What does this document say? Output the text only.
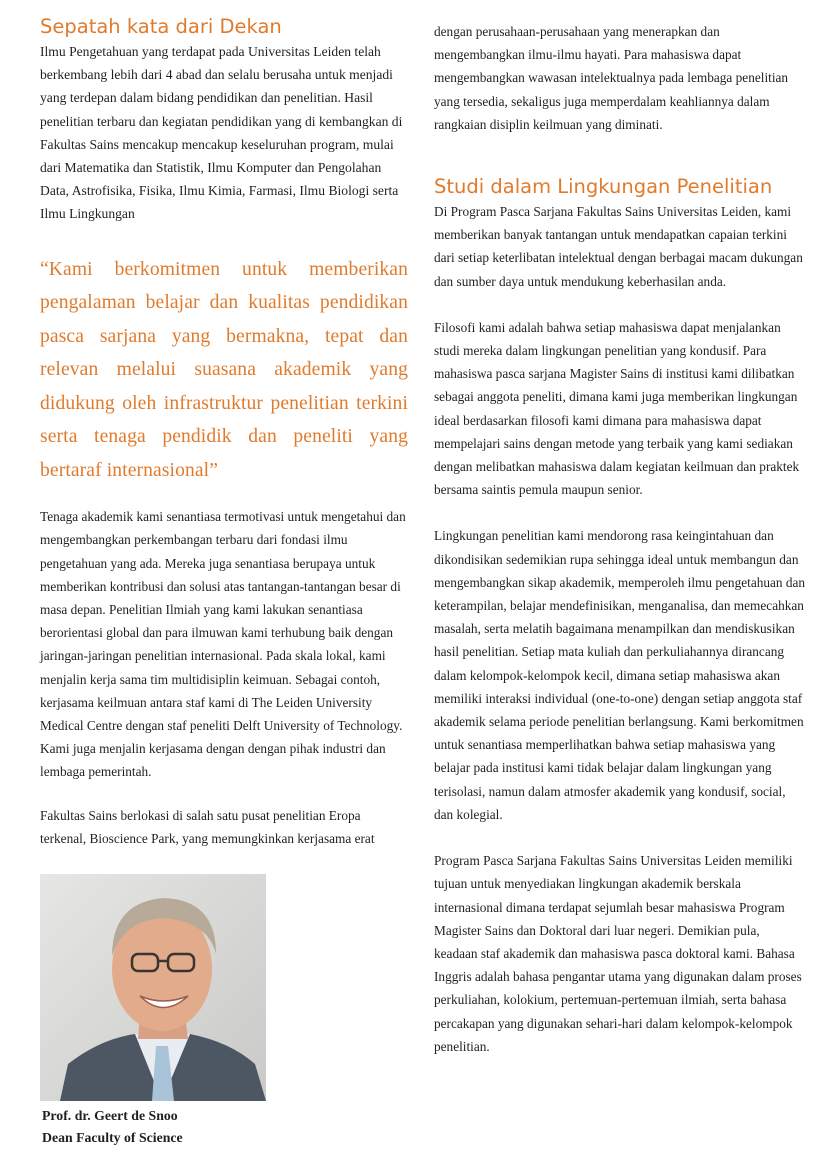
Sepatah kata dari Dekan

Ilmu Pengetahuan yang terdapat pada Universitas Leiden telah berkembang lebih dari 4 abad dan selalu berusaha untuk menjadi yang terdepan dalam bidang pendidikan dan penelitian. Hasil penelitian terbaru dan kegiatan pendidikan yang di kembangkan di Fakultas Sains mencakup mencakup keseluruhan program, mulai dari Matematika dan Statistik, Ilmu Komputer dan Pengolahan Data, Astrofisika, Fisika, Ilmu Kimia, Farmasi, Ilmu Biologi serta Ilmu Lingkungan

“Kami berkomitmen untuk memberikan pengalaman belajar dan kualitas pendidikan pasca sarjana yang bermakna, tepat dan relevan melalui suasana akademik yang didukung oleh infrastruktur penelitian terkini serta tenaga pendidik dan peneliti yang bertaraf internasional”

Tenaga akademik kami senantiasa termotivasi untuk mengetahui dan mengembangkan perkembangan terbaru dari fondasi ilmu pengetahuan yang ada. Mereka juga senantiasa berupaya untuk memberikan kontribusi dan solusi atas tantangan-tantangan besar di masa depan. Penelitian Ilmiah yang kami lakukan senantiasa berorientasi global dan para ilmuwan kami terhubung baik dengan jaringan-jaringan penelitian internasional. Pada skala lokal, kami menjalin kerja sama tim multidisiplin keimuan. Sebagai contoh, kerjasama keilmuan antara staf kami di The Leiden University Medical Centre dengan staf peneliti Delft University of Technology. Kami juga menjalin kerjasama dengan dengan pihak industri dan lembaga pemerintah.

Fakultas Sains berlokasi di salah satu pusat penelitian Eropa terkenal, Bioscience Park, yang memungkinkan kerjasama erat

Prof. dr. Geert de Snoo
Dean Faculty of Science

dengan perusahaan-perusahaan yang menerapkan dan mengembangkan ilmu-ilmu hayati. Para mahasiswa dapat mengembangkan wawasan intelektualnya pada lembaga penelitian yang tersedia, sekaligus juga memperdalam keahliannya dalam rangkaian disiplin keilmuan yang diminati.

Studi dalam Lingkungan Penelitian

Di Program Pasca Sarjana Fakultas Sains Universitas Leiden, kami memberikan banyak tantangan untuk mendapatkan capaian terkini dari setiap keterlibatan intelektual dengan berbagai macam dukungan dan sumber daya untuk mendukung keberhasilan anda.

Filosofi kami adalah bahwa setiap mahasiswa dapat menjalankan studi mereka dalam lingkungan penelitian yang kondusif. Para mahasiswa pasca sarjana Magister Sains di institusi kami dilibatkan sebagai anggota peneliti, dimana kami juga memberikan lingkungan ideal berdasarkan filosofi kami dimana para mahasiswa dapat mempelajari sains dengan metode yang terbaik yang kami sediakan dengan melibatkan mahasiswa dalam kegiatan keilmuan dan praktek bersama saintis pemula maupun senior.

Lingkungan penelitian kami mendorong rasa keingintahuan dan dikondisikan sedemikian rupa sehingga ideal untuk membangun dan mengembangkan sikap akademik, memperoleh ilmu pengetahuan dan keterampilan, belajar mendefinisikan, menganalisa, dan memecahkan masalah, serta melatih bagaimana menampilkan dan mendiskusikan hasil penelitian. Setiap mata kuliah dan perkuliahannya dirancang dalam kelompok-kelompok kecil, dimana setiap mahasiswa akan memiliki interaksi individual (one-to-one) dengan setiap anggota staf akademik selama periode penelitian berlangsung. Kami berkomitmen untuk senantiasa memperlihatkan bahwa setiap mahasiswa yang belajar pada institusi kami tidak belajar dalam lingkungan yang terisolasi, namun dalam atmosfer akademik yang kondusif, social, dan kolegial.

Program Pasca Sarjana Fakultas Sains Universitas Leiden memiliki tujuan untuk menyediakan lingkungan akademik berskala internasional dimana terdapat sejumlah besar mahasiswa Program Magister Sains dan Doktoral dari luar negeri. Demikian pula, keadaan staf akademik dan mahasiswa pasca doktoral kami. Bahasa Inggris adalah bahasa pengantar utama yang digunakan dalam proses perkuliahan, kolokium, pertemuan-pertemuan ilmiah, serta bahasa percakapan yang digunakan sehari-hari dalam kelompok-kelompok penelitian.
